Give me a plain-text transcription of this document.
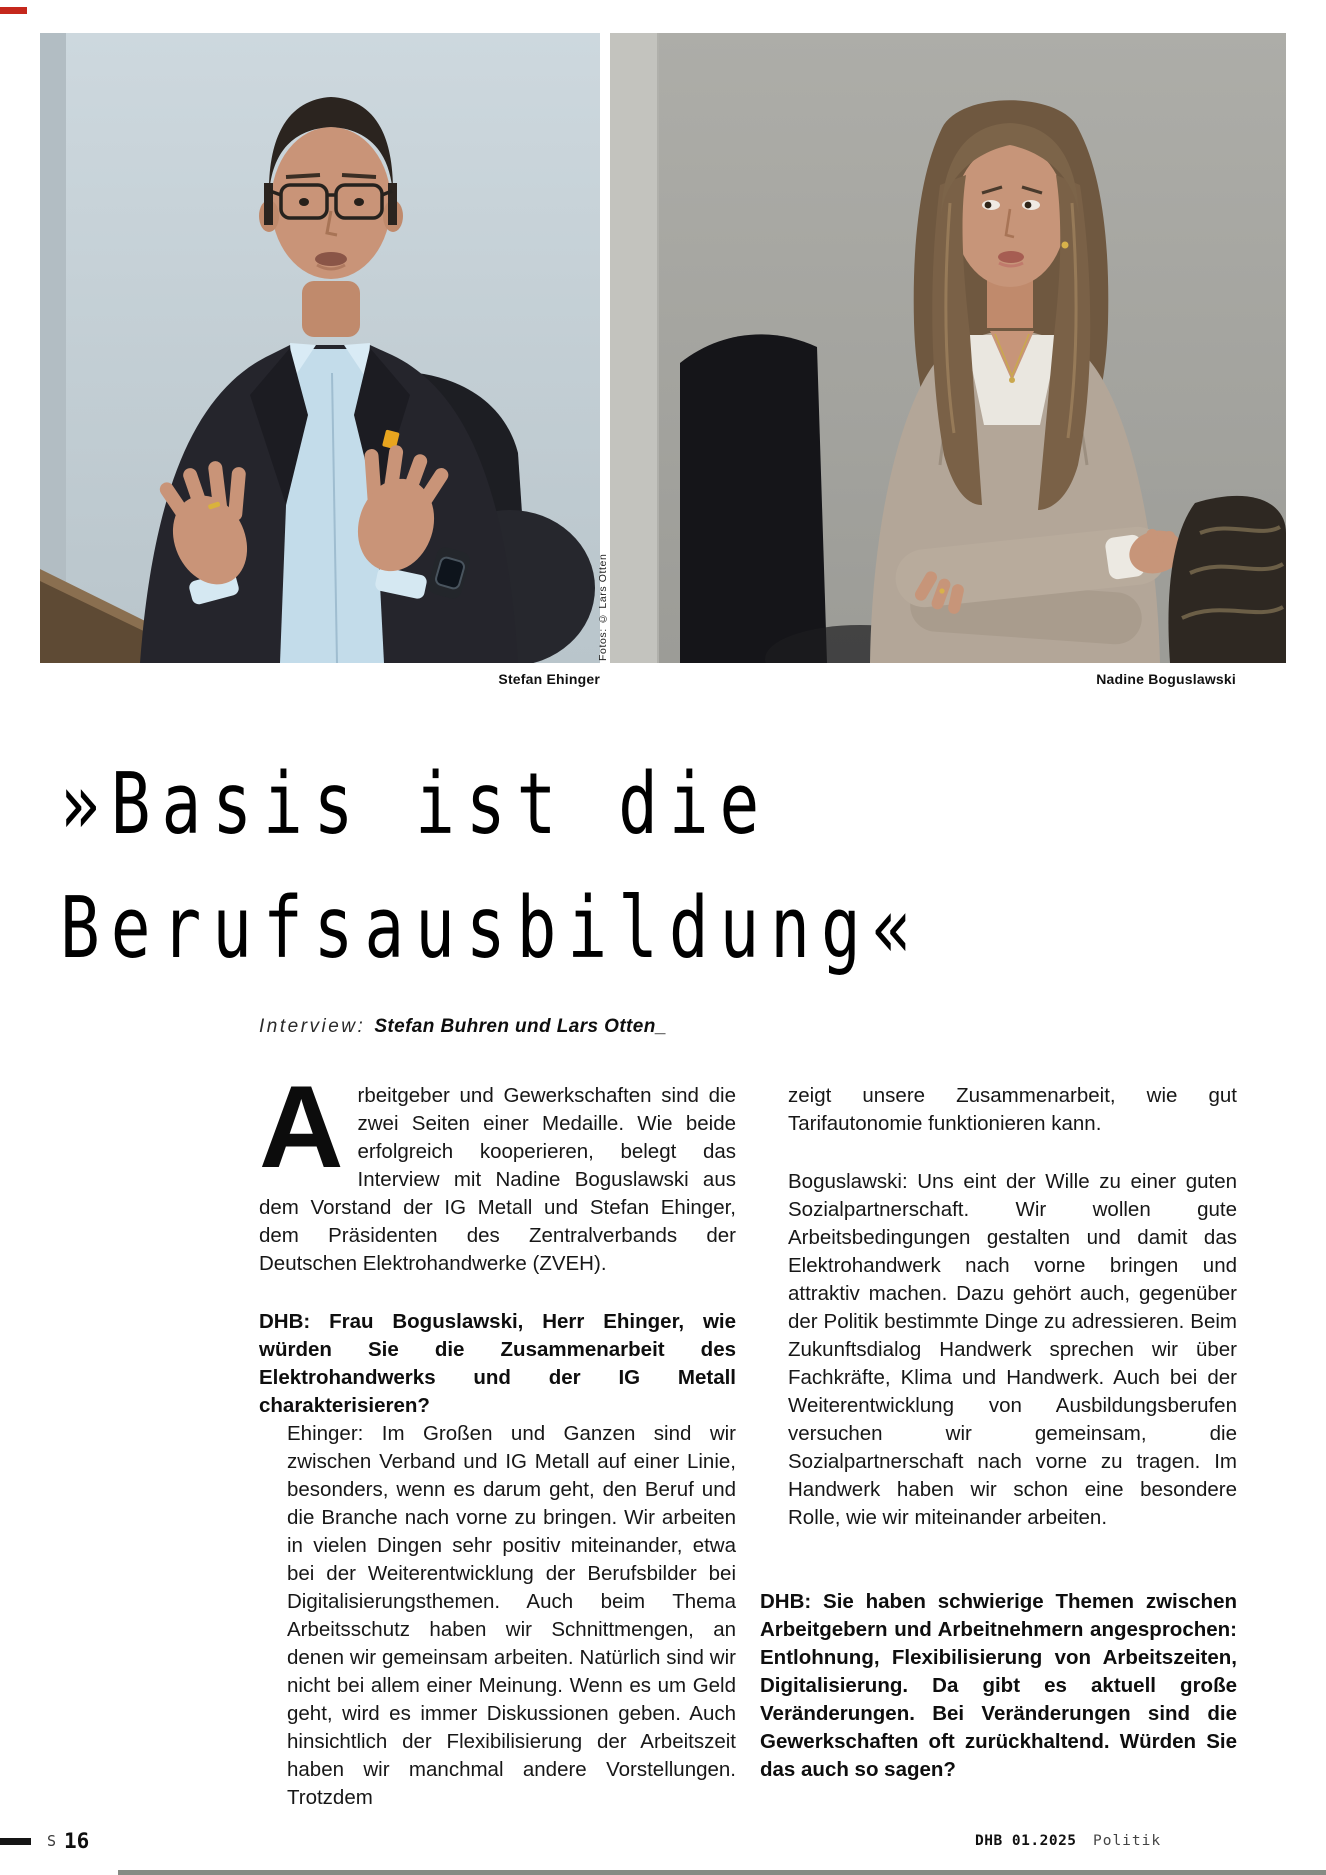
Fotos: © Lars Otten
Stefan Ehinger	Nadine Boguslawski
»Basis ist die
Berufsausbildung«
Interview: Stefan Buhren und Lars Otten_

Arbeitgeber und Gewerkschaften sind die zwei Seiten einer Medaille. Wie beide erfolgreich kooperieren, belegt das Interview mit Nadine Boguslawski aus dem Vorstand der IG Metall und Stefan Ehinger, dem Präsidenten des Zentralverbands der Deutschen Elektrohandwerke (ZVEH).

DHB: Frau Boguslawski, Herr Ehinger, wie würden Sie die Zusammenarbeit des Elektrohandwerks und der IG Metall charakterisieren?

Ehinger: Im Großen und Ganzen sind wir zwischen Verband und IG Metall auf einer Linie, besonders, wenn es darum geht, den Beruf und die Branche nach vorne zu bringen. Wir arbeiten in vielen Dingen sehr positiv miteinander, etwa bei der Weiterentwicklung der Berufsbilder bei Digitalisierungsthemen. Auch beim Thema Arbeitsschutz haben wir Schnittmengen, an denen wir gemeinsam arbeiten. Natürlich sind wir nicht bei allem einer Meinung. Wenn es um Geld geht, wird es immer Diskussionen geben. Auch hinsichtlich der Flexibilisierung der Arbeitszeit haben wir manchmal andere Vorstellungen. Trotzdem

zeigt unsere Zusammenarbeit, wie gut Tarifautonomie funktionieren kann.

Boguslawski: Uns eint der Wille zu einer guten Sozialpartnerschaft. Wir wollen gute Arbeitsbedingungen gestalten und damit das Elektrohandwerk nach vorne bringen und attraktiv machen. Dazu gehört auch, gegenüber der Politik bestimmte Dinge zu adressieren. Beim Zukunftsdialog Handwerk sprechen wir über Fachkräfte, Klima und Handwerk. Auch bei der Weiterentwicklung von Ausbildungsberufen versuchen wir gemeinsam, die Sozialpartnerschaft nach vorne zu tragen. Im Handwerk haben wir schon eine besondere Rolle, wie wir miteinander arbeiten.

DHB: Sie haben schwierige Themen zwischen Arbeitgebern und Arbeitnehmern angesprochen: Entlohnung, Flexibilisierung von Arbeitszeiten, Digitalisierung. Da gibt es aktuell große Veränderungen. Bei Veränderungen sind die Gewerkschaften oft zurückhaltend. Würden Sie das auch so sagen?

S 16	DHB 01.2025 Politik
